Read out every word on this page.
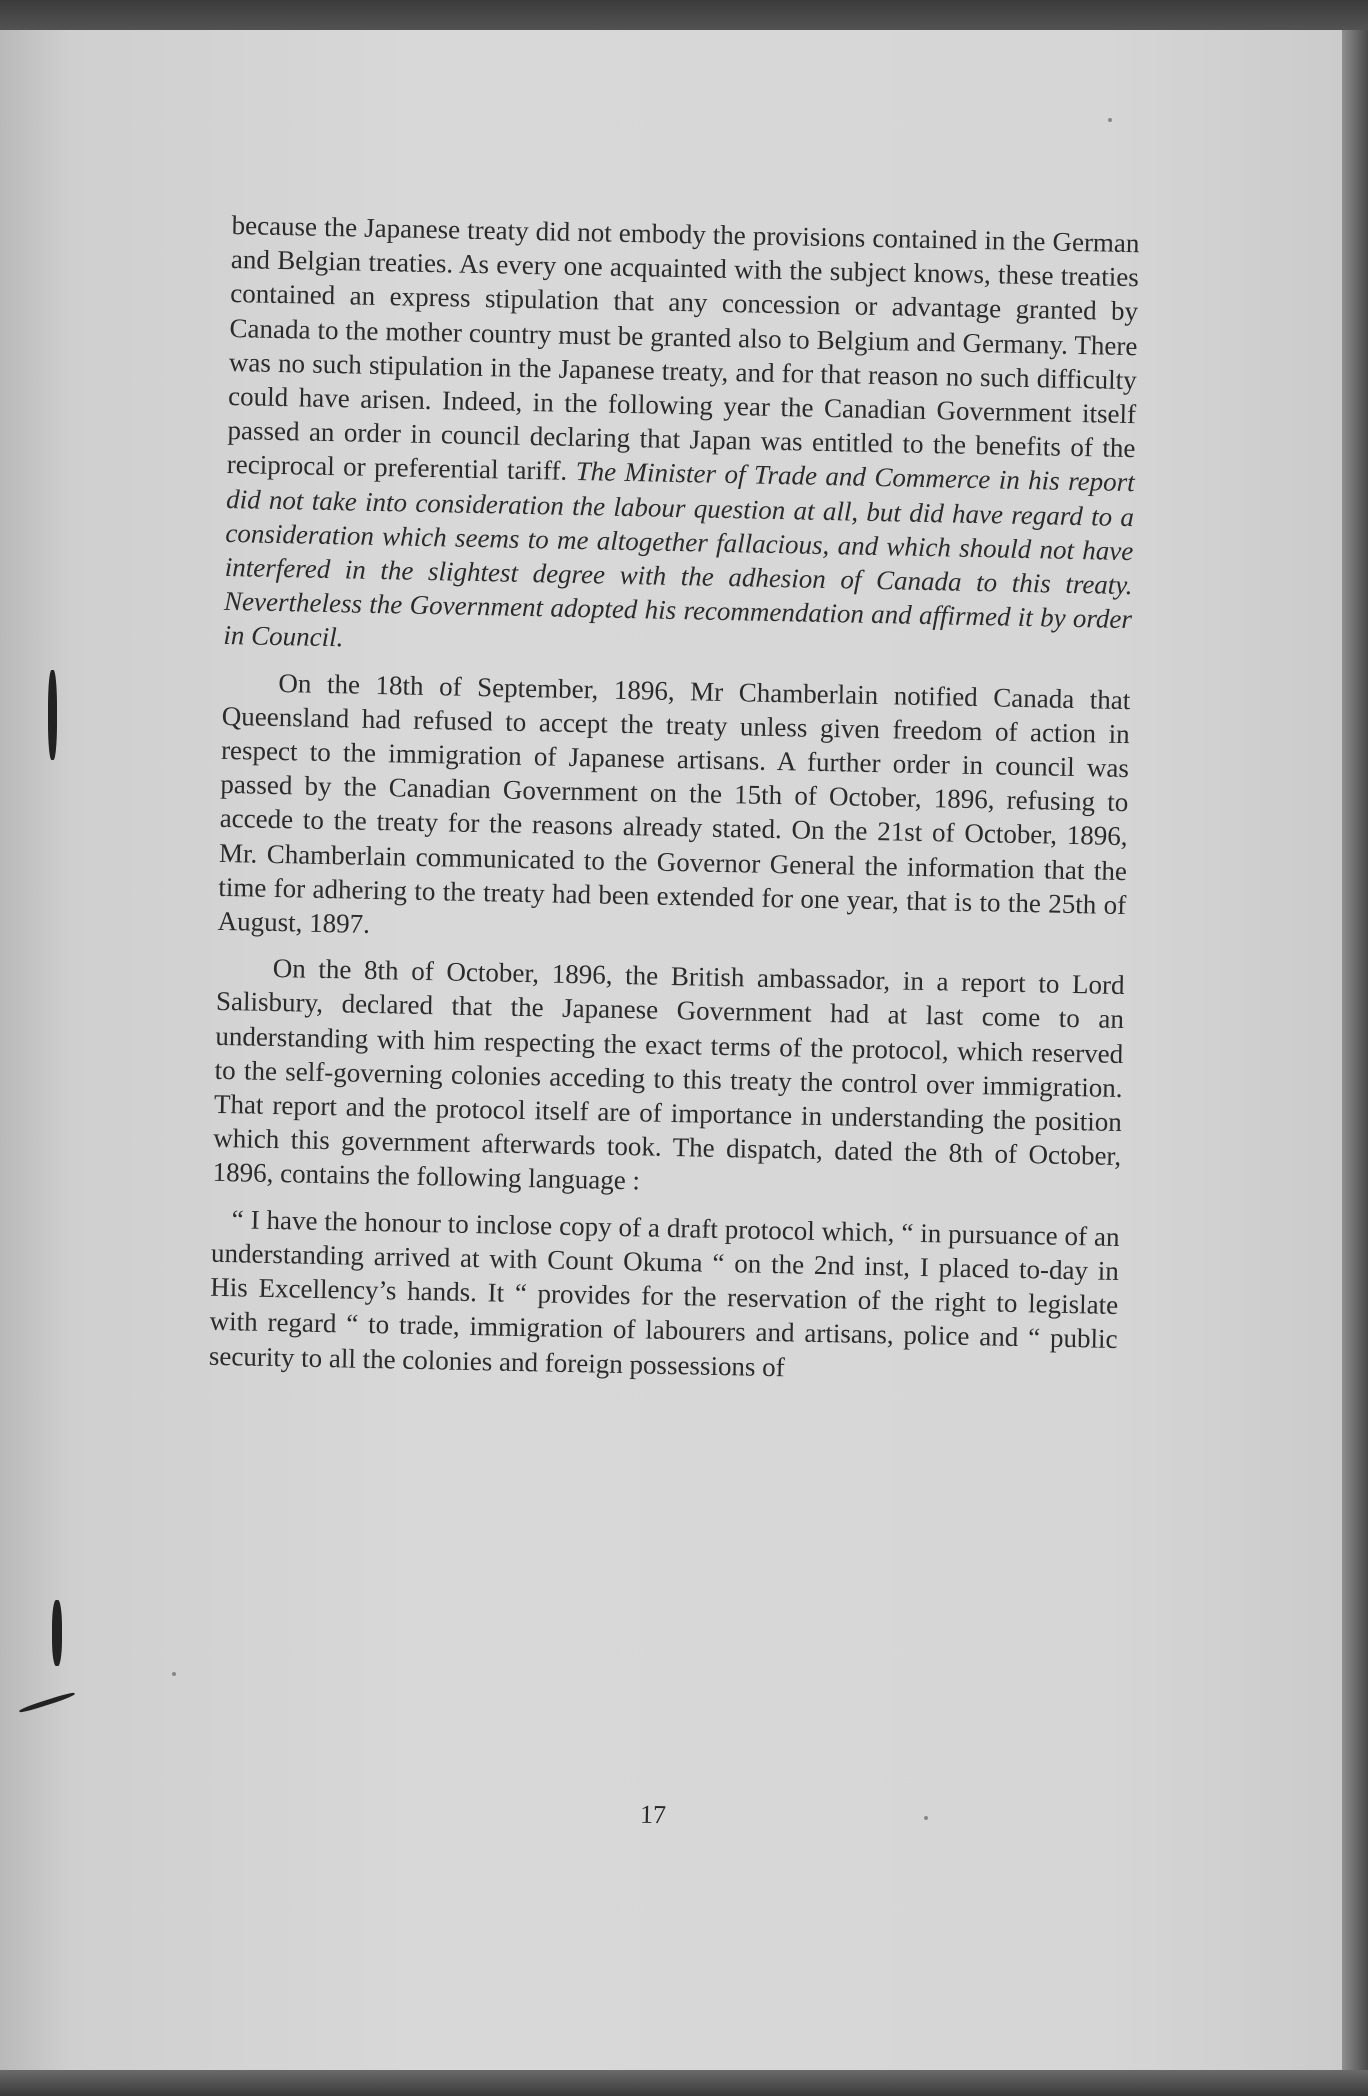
because the Japanese treaty did not embody the provisions contained in the German and Belgian treaties. As every one acquainted with the subject knows, these treaties contained an express stipulation that any concession or advantage granted by Canada to the mother country must be granted also to Belgium and Germany. There was no such stipulation in the Japanese treaty, and for that reason no such difficulty could have arisen. Indeed, in the following year the Canadian Government itself passed an order in council declaring that Japan was entitled to the benefits of the reciprocal or preferential tariff. The Minister of Trade and Commerce in his report did not take into consideration the labour question at all, but did have regard to a consideration which seems to me altogether fallacious, and which should not have interfered in the slightest degree with the adhesion of Canada to this treaty. Nevertheless the Government adopted his recommendation and affirmed it by order in Council.

On the 18th of September, 1896, Mr Chamberlain notified Canada that Queensland had refused to accept the treaty unless given freedom of action in respect to the immigration of Japanese artisans. A further order in council was passed by the Canadian Government on the 15th of October, 1896, refusing to accede to the treaty for the reasons already stated. On the 21st of October, 1896, Mr. Chamberlain communicated to the Governor General the information that the time for adhering to the treaty had been extended for one year, that is to the 25th of August, 1897.

On the 8th of October, 1896, the British ambassador, in a report to Lord Salisbury, declared that the Japanese Government had at last come to an understanding with him respecting the exact terms of the protocol, which reserved to the self-governing colonies acceding to this treaty the control over immigration. That report and the protocol itself are of importance in understanding the position which this government afterwards took. The dispatch, dated the 8th of October, 1896, contains the following language :

“ I have the honour to inclose copy of a draft protocol which, “ in pursuance of an understanding arrived at with Count Okuma “ on the 2nd inst, I placed to-day in His Excellency’s hands. It “ provides for the reservation of the right to legislate with regard “ to trade, immigration of labourers and artisans, police and “ public security to all the colonies and foreign possessions of

17
